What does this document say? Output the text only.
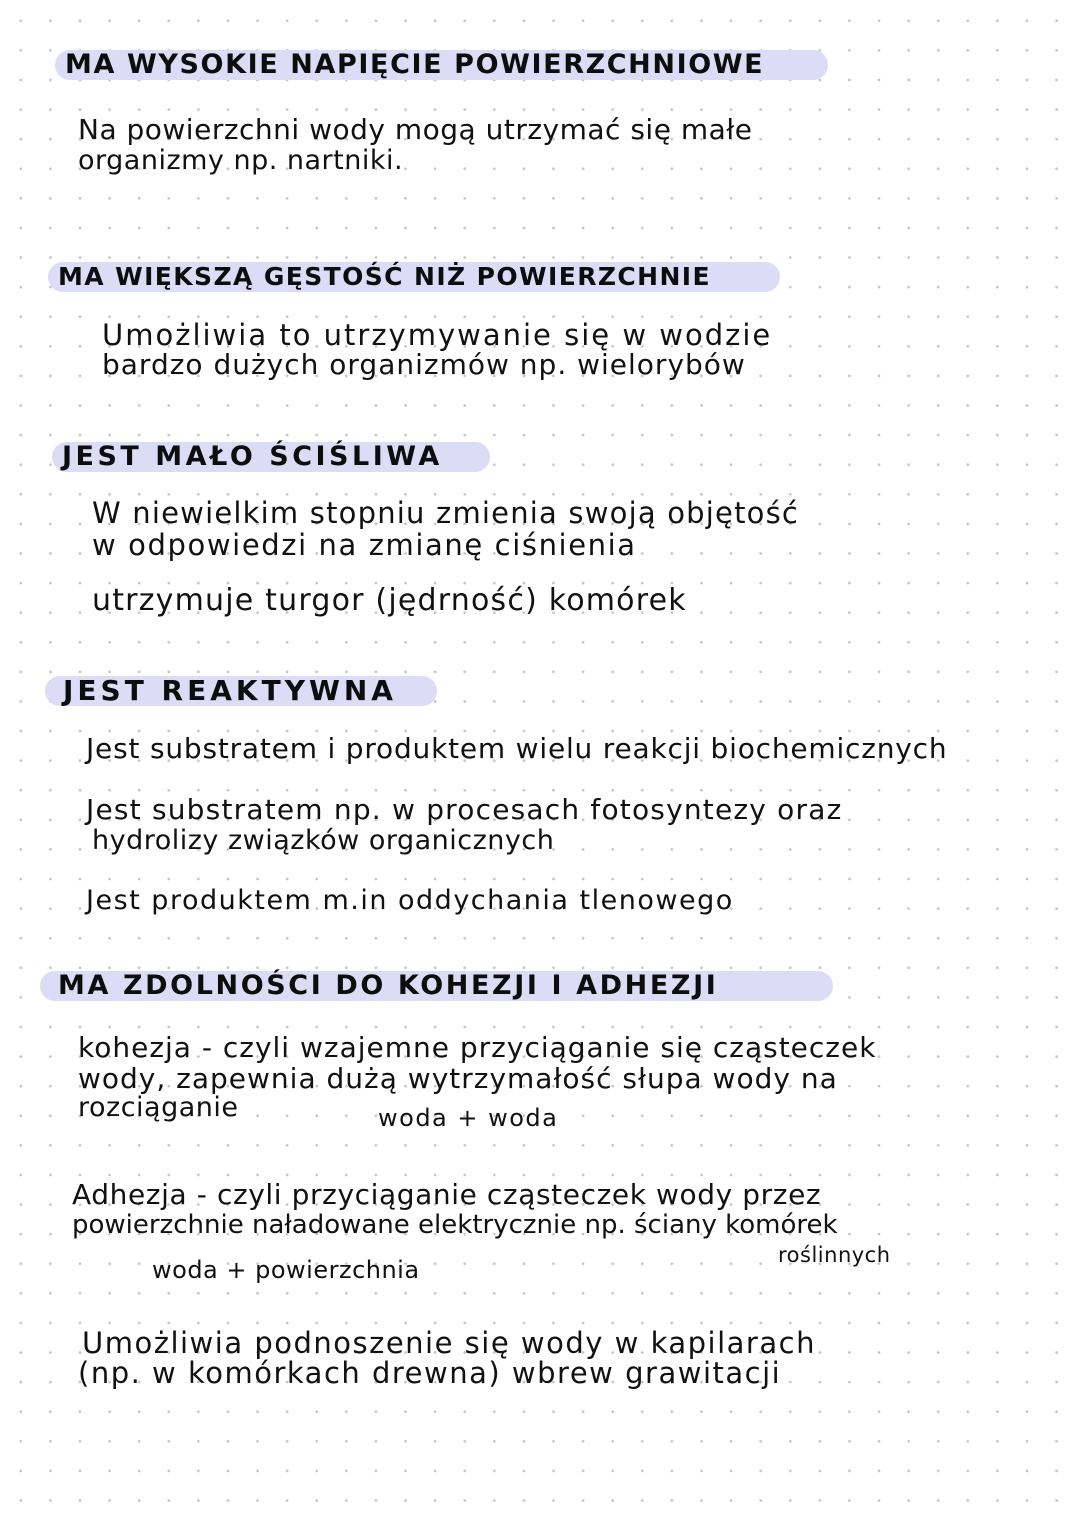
MA WYSOKIE NAPIĘCIE POWIERZCHNIOWE
Na powierzchni wody mogą utrzymać się małe
organizmy np. nartniki.
MA WIĘKSZĄ GĘSTOŚĆ NIŻ POWIERZCHNIE
Umożliwia to utrzymywanie się w wodzie
bardzo dużych organizmów np. wielorybów
JEST MAŁO ŚCIŚLIWA
W niewielkim stopniu zmienia swoją objętość
w odpowiedzi na zmianę ciśnienia
utrzymuje turgor (jędrność) komórek
JEST REAKTYWNA
Jest substratem i produktem wielu reakcji biochemicznych
Jest substratem np. w procesach fotosyntezy oraz
hydrolizy związków organicznych
Jest produktem m.in oddychania tlenowego
MA ZDOLNOŚCI DO KOHEZJI I ADHEZJI
kohezja - czyli wzajemne przyciąganie się cząsteczek
wody, zapewnia dużą wytrzymałość słupa wody na
rozciąganie	woda + woda
Adhezja - czyli przyciąganie cząsteczek wody przez
powierzchnie naładowane elektrycznie np. ściany komórek
roślinnych
woda + powierzchnia
Umożliwia podnoszenie się wody w kapilarach
(np. w komórkach drewna) wbrew grawitacji
